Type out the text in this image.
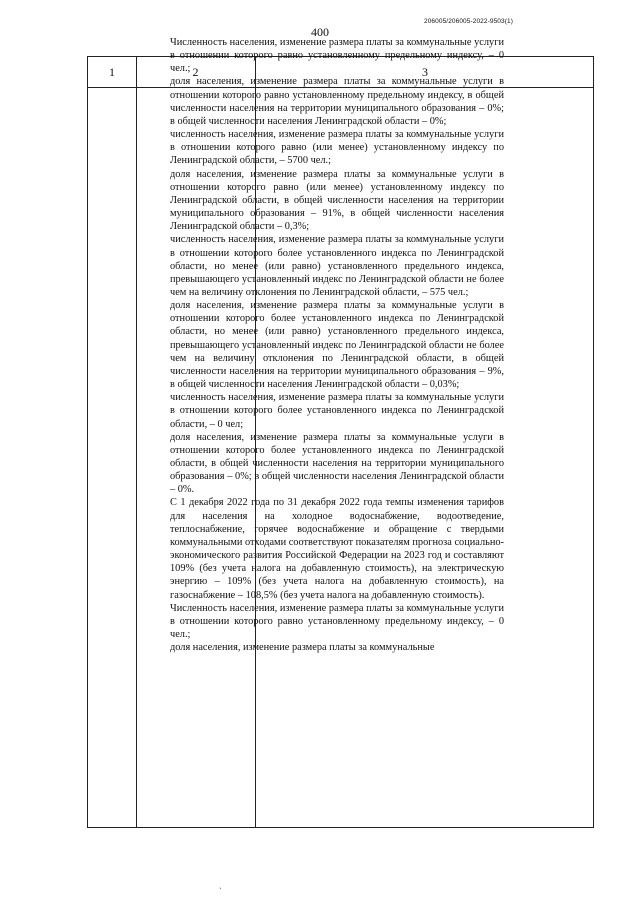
400
206005/206005-2022-9503(1)
1	2	3

Численность населения, изменение размера платы за коммунальные услуги в отношении которого равно установленному предельному индексу, – 0 чел.;

доля населения, изменение размера платы за коммунальные услуги в отношении которого равно установленному предельному индексу, в общей численности населения на территории муниципального образования – 0%; в общей численности населения Ленинградской области – 0%;

численность населения, изменение размера платы за коммунальные услуги в отношении которого равно (или менее) установленному индексу по Ленинградской области, – 5700 чел.;

доля населения, изменение размера платы за коммунальные услуги в отношении которого равно (или менее) установленному индексу по Ленинградской области, в общей численности населения на территории муниципального образования – 91%, в общей численности населения Ленинградской области – 0,3%;

численность населения, изменение размера платы за коммунальные услуги в отношении которого более установленного индекса по Ленинградской области, но менее (или равно) установленного предельного индекса, превышающего установленный индекс по Ленинградской области не более чем на величину отклонения по Ленинградской области, – 575 чел.;

доля населения, изменение размера платы за коммунальные услуги в отношении которого более установленного индекса по Ленинградской области, но менее (или равно) установленного предельного индекса, превышающего установленный индекс по Ленинградской области не более чем на величину отклонения по Ленинградской области, в общей численности населения на территории муниципального образования – 9%, в общей численности населения Ленинградской области – 0,03%;

численность населения, изменение размера платы за коммунальные услуги в отношении которого более установленного индекса по Ленинградской области, – 0 чел;

доля населения, изменение размера платы за коммунальные услуги в отношении которого более установленного индекса по Ленинградской области, в общей численности населения на территории муниципального образования – 0%; в общей численности населения Ленинградской области – 0%.

С 1 декабря 2022 года по 31 декабря 2022 года темпы изменения тарифов для населения на холодное водоснабжение, водоотведение, теплоснабжение, горячее водоснабжение и обращение с твердыми коммунальными отходами соответствуют показателям прогноза социально-экономического развития Российской Федерации на 2023 год и составляют 109% (без учета налога на добавленную стоимость), на электрическую энергию – 109% (без учета налога на добавленную стоимость), на газоснабжение – 108,5% (без учета налога на добавленную стоимость).

Численность населения, изменение размера платы за коммунальные услуги в отношении которого равно установленному предельному индексу, – 0 чел.;

доля населения, изменение размера платы за коммунальные

ˎ
